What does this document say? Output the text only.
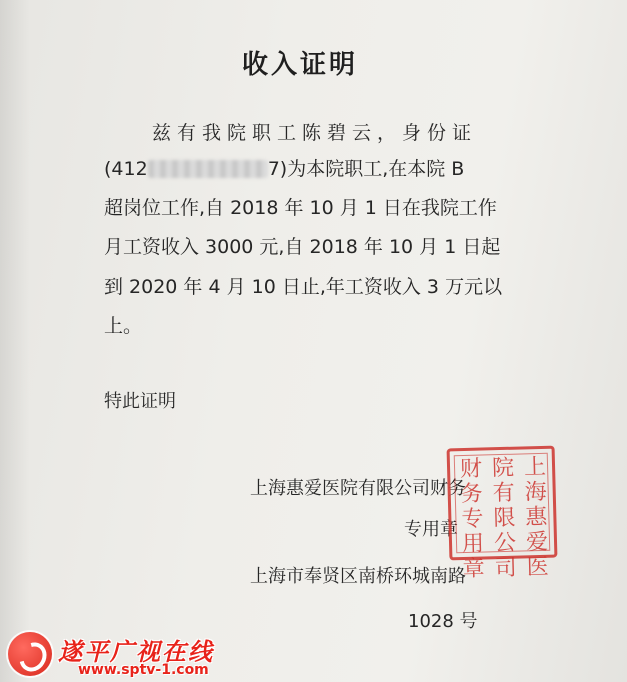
收入证明
兹有我院职工陈碧云，身份证
(412	7)为本院职工,在本院 B
超岗位工作,自 2018 年 10 月 1 日在我院工作
月工资收入 3000 元,自 2018 年 10 月 1 日起
到 2020 年 4 月 10 日止,年工资收入 3 万元以
上。
特此证明
上海惠爱医院有限公司财务
专用章
上海市奉贤区南桥环城南路
1028 号
上海惠爱医
院有限公司
财务专用章
遂平广视在线
www.sptv-1.com
